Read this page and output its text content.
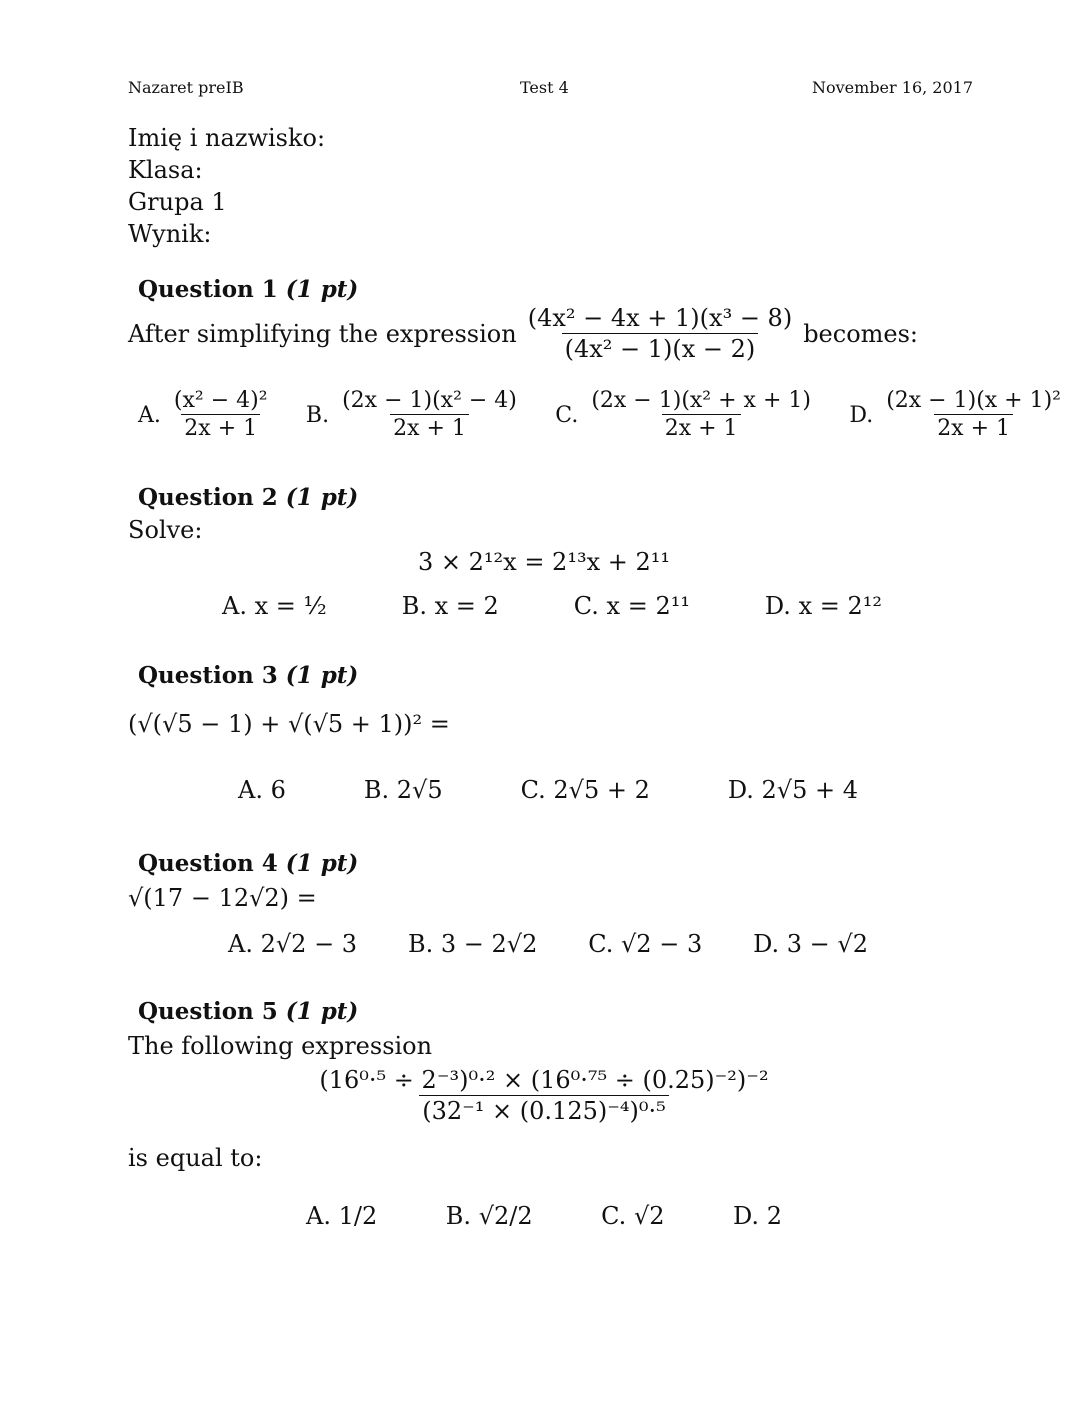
Nazaret preIB	Test 4	November 16, 2017
Imię i nazwisko:
Klasa:
Grupa 1
Wynik:
Question 1 (1 pt)
After simplifying the expression $\frac{\text{(4x² − 4x + 1)(x³ − 8)}}{\text{(4x² − 1)(x − 2)}}$ becomes:
A. $\frac{\text{(x² − 4)²}}{2x + 1} B$. $\frac{\text{(2x − 1)(x² − 4)}}{2x + 1} C$. $\frac{\text{(2x − 1)(x² + x + 1)}}{2x + 1} D$. $\frac{\text{(2x − 1)(x + 1)²}}{2x + 1}$
Question 2 (1 pt)
Solve:
3 × 2¹²x = 2¹³x + 2¹¹
A. x = ½	B. x = 2	C. x = 2¹¹	D. x = 2¹²
Question 3 (1 pt)
(√(√5 − 1) + √(√5 + 1))² =
A. 6	B. 2√5	C. 2√5 + 2	D. 2√5 + 4
Question 4 (1 pt)
√(17 − 12√2) =
A. 2√2 − 3 B. 3 − 2√2 C. √2 − 3 D. 3 − √2
Question 5 (1 pt)
The following expression
$\frac{\text{(16⁰·⁵ ÷ 2⁻³)⁰·² × (16⁰·⁷⁵ ÷ (0.25)⁻²)⁻²}}{\text{(32⁻¹ × (0.125)⁻⁴)⁰·⁵}}$
is equal to:
A. 1/2	B. √2/2	C. √2	D. 2
